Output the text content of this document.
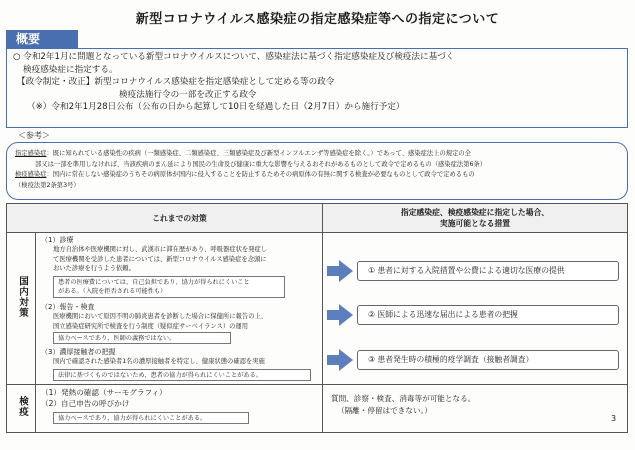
新型コロナウイルス感染症の指定感染症等への指定について
概要
○ 令和2年1月に問題となっている新型コロナウイルスについて、感染症法に基づく指定感染症及び検疫法に基づく
検疫感染症に指定する。
【政令制定・改正】新型コロナウイルス感染症を指定感染症として定める等の政令
検疫法施行令の一部を改正する政令
（※）令和2年1月28日公布（公布の日から起算して10日を経過した日（2月7日）から施行予定）
＜参考＞
指定感染症：既に知られている感染性の疾病（一類感染症、二類感染症、三類感染症及び新型インフルエンザ等感染症を除く。）であって、感染症法上の規定の全
部又は一部を準用しなければ、当該疾病のまん延により国民の生命及び健康に重大な影響を与えるおそれがあるものとして政令で定めるもの（感染症法第6条）
検疫感染症：国内に常在しない感染症のうちその病原体が国内に侵入することを防止するためその病原体の有無に関する検査が必要なものとして政令で定めるもの
（検疫法第2条第3号）
これまでの対策
指定感染症、検疫感染症に指定した場合、
実施可能となる措置
国内対策
検疫
（1）診療
地方自治体や医療機関に対し、武漢市に滞在歴があり、呼吸器症状を発症し
て医療機関を受診した患者については、新型コロナウイルス感染症を念頭に
おいた診療を行うよう依頼。
患者の医療費については、自己負担であり、協力が得られにくいこと
がある。（入院を拒否される可能性も）
（2）報告・検査
医療機関において原因不明の肺炎患者を診断した場合に保健所に報告の上、
国立感染症研究所で検査を行う制度（疑似症サーベイランス）の運用
協力ベースであり、医師の義務ではない。
（3）濃厚接触者の把握
国内で確認された感染者1名の濃厚接触者を特定し、健康状態の確認を実施
法律に基づくものではないため、患者の協力が得られにくいことがある。
① 患者に対する入院措置や公費による適切な医療の提供
② 医師による迅速な届出による患者の把握
③ 患者発生時の積極的疫学調査（接触者調査）
（1）発熱の確認（サーモグラフィ）
（2）自己申告の呼びかけ
協力ベースであり、協力が得られにくいことがある。
質問、診察・検査、消毒等が可能となる。
（隔離・停留はできない。）
3
